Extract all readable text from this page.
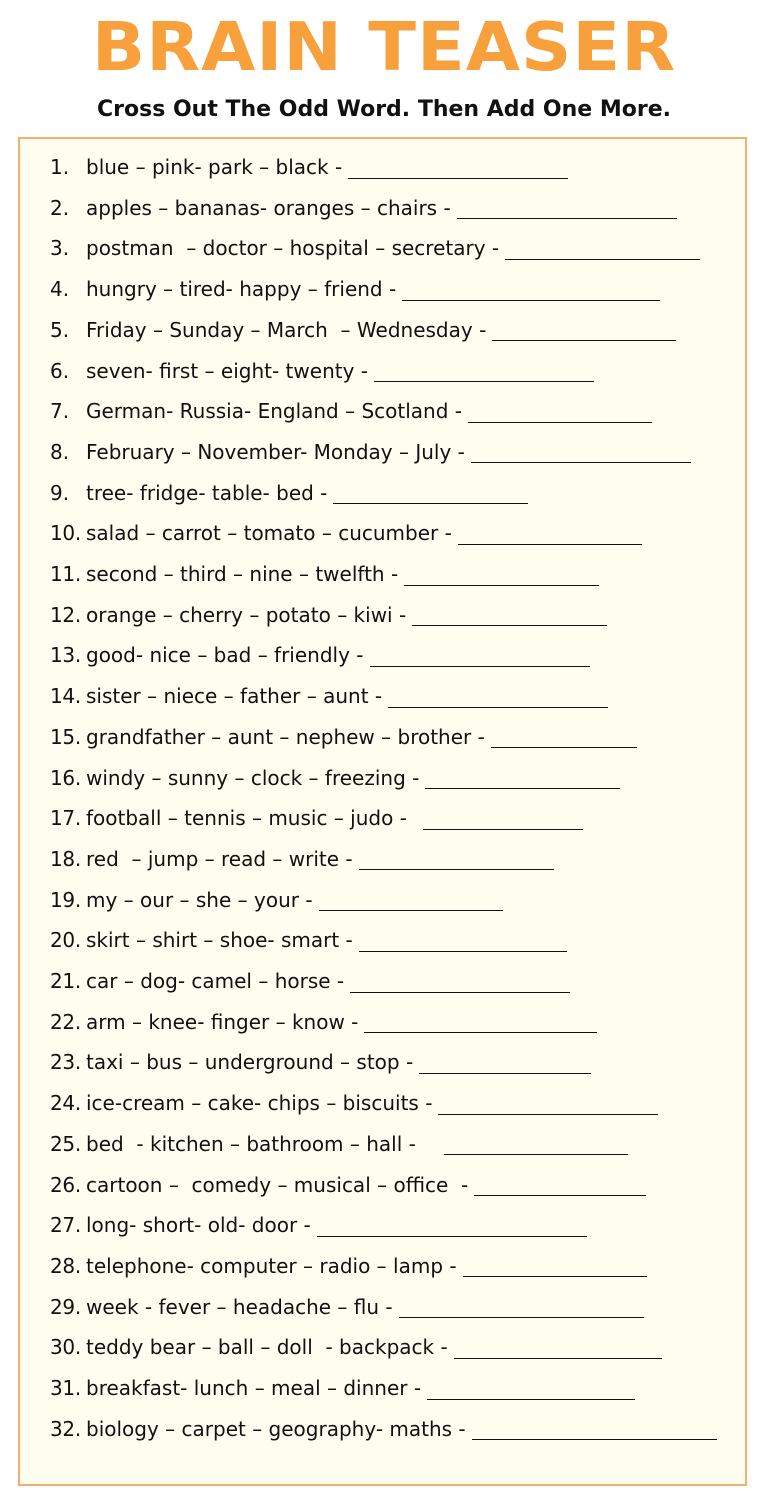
BRAIN TEASER
Cross Out The Odd Word. Then Add One More.
1. blue – pink- park – black -
2. apples – bananas- oranges – chairs -
3. postman  – doctor – hospital – secretary -
4. hungry – tired- happy – friend -
5. Friday – Sunday – March  – Wednesday -
6. seven- first – eight- twenty -
7. German- Russia- England – Scotland -
8. February – November- Monday – July -
9. tree- fridge- table- bed -
10. salad – carrot – tomato – cucumber -
11. second – third – nine – twelfth -
12. orange – cherry – potato – kiwi -
13. good- nice – bad – friendly -
14. sister – niece – father – aunt -
15. grandfather – aunt – nephew – brother -
16. windy – sunny – clock – freezing -
17. football – tennis – music – judo -
18. red  – jump – read – write -
19. my – our – she – your -
20. skirt – shirt – shoe- smart -
21. car – dog- camel – horse -
22. arm – knee- finger – know -
23. taxi – bus – underground – stop -
24. ice-cream – cake- chips – biscuits -
25. bed  - kitchen – bathroom – hall -
26. cartoon –  comedy – musical – office  -
27. long- short- old- door -
28. telephone- computer – radio – lamp -
29. week - fever – headache – flu -
30. teddy bear – ball – doll  - backpack -
31. breakfast- lunch – meal – dinner -
32. biology – carpet – geography- maths -
